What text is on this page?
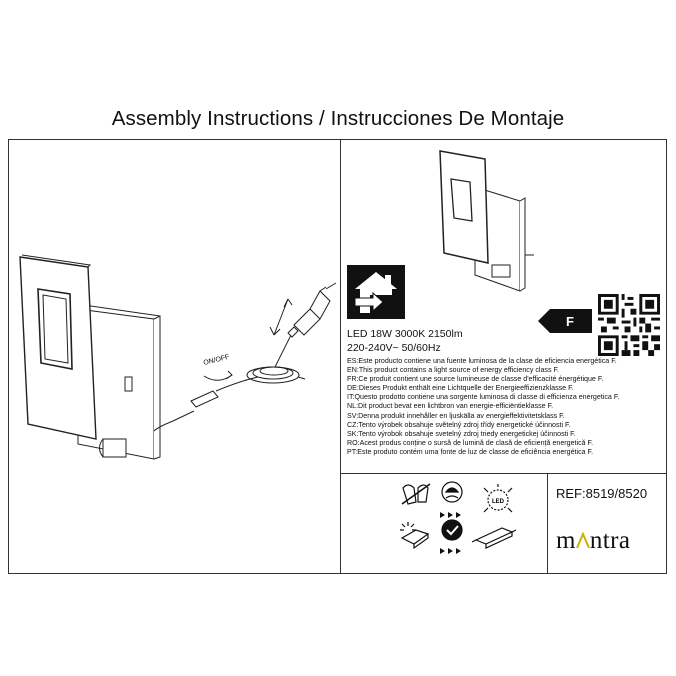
Assembly Instructions / Instrucciones De Montaje
ON/OFF
F
LED 18W 3000K 2150lm
220-240V~ 50/60Hz
ES:Este producto contiene una fuente luminosa de la clase de eficiencia energética F.
EN:This product contains a light source of energy efficiency class F.
FR:Ce produit contient une source lumineuse de classe d'efficacité énergétique F.
DE:Dieses Produkt enthält eine Lichtquelle der Energieeffizienzklasse F.
IT:Questo prodotto contiene una sorgente luminosa di classe di efficienza energetica F.
NL:Dit product bevat een lichtbron van energie-efficiëntieklasse F.
SV:Denna produkt innehåller en ljuskälla av energieffektivitetsklass F.
CZ:Tento výrobek obsahuje světelný zdroj třídy energetické účinnosti F.
SK:Tento výrobok obsahuje svetelný zdroj triedy energetickej účinnosti F.
RO:Acest produs conține o sursă de lumină de clasă de eficiență energetică F.
PT:Este produto contém uma fonte de luz de classe de eficiência energética F.
LED
REF:8519/8520
m ntra
